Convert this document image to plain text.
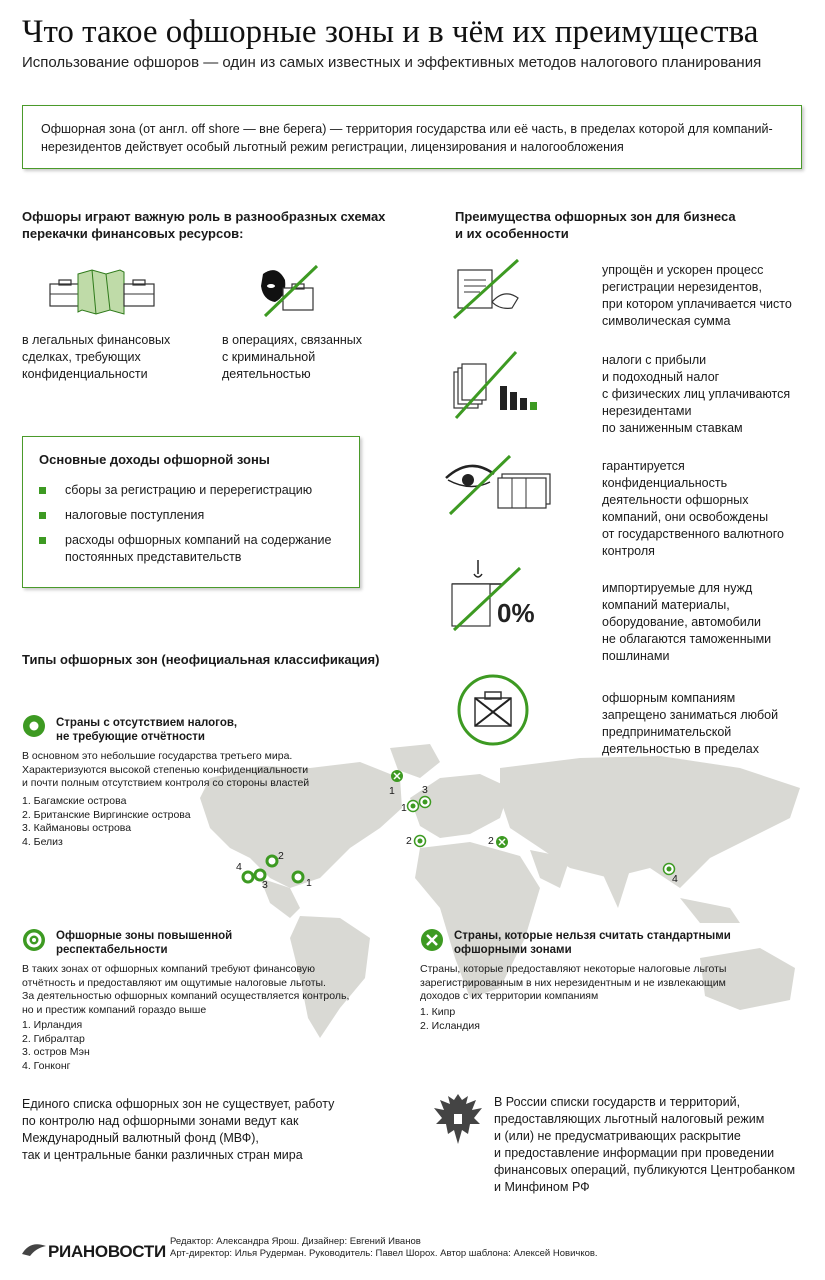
Что такое офшорные зоны и в чём их преимущества
Использование офшоров — один из самых известных и эффективных методов налогового планирования
Офшорная зона (от англ. off shore — вне берега) — территория государства или её часть, в пределах которой для компаний-
нерезидентов действует особый льготный режим регистрации, лицензирования и налогообложения
Офшоры играют важную роль в разнообразных схемах
перекачки финансовых ресурсов:
в легальных финансовых
сделках, требующих
конфиденциальности
в операциях, связанных
с криминальной
деятельностью
Основные доходы офшорной зоны
сборы за регистрацию и перерегистрацию
налоговые поступления
расходы офшорных компаний на содержание
постоянных представительств
Преимущества офшорных зон для бизнеса
и их особенности
упрощён и ускорен процесс
регистрации нерезидентов,
при котором уплачивается чисто
символическая сумма
налоги с прибыли
и подоходный налог
с физических лиц уплачиваются
нерезидентами
по заниженным ставкам
гарантируется
конфиденциальность
деятельности офшорных
компаний, они освобождены
от государственного валютного
контроля
0%
импортируемые для нужд
компаний материалы,
оборудование, автомобили
не облагаются таможенными
пошлинами
офшорным компаниям
запрещено заниматься любой
предпринимательской
деятельностью в пределах
Типы офшорных зон (неофициальная классификация)
1
2
3
4
1
2
3
4
1
2
Страны с отсутствием налогов,
не требующие отчётности
В основном это небольшие государства третьего мира.
Характеризуются высокой степенью конфиденциальности
и почти полным отсутствием контроля со стороны властей
1. Багамские острова
2. Британские Виргинские острова
3. Каймановы острова
4. Белиз
Офшорные зоны повышенной
респектабельности
В таких зонах от офшорных компаний требуют финансовую
отчётность и предоставляют им ощутимые налоговые льготы.
За деятельностью офшорных компаний осуществляется контроль,
но и престиж компаний гораздо выше
1. Ирландия
2. Гибралтар
3. остров Мэн
4. Гонконг
Страны, которые нельзя считать стандартными
офшорными зонами
Страны, которые предоставляют некоторые налоговые льготы
зарегистрированным в них нерезидентным и не извлекающим
доходов с их территории компаниям
1. Кипр
2. Исландия
Единого списка офшорных зон не существует, работу
по контролю над офшорными зонами ведут как
Международный валютный фонд (МВФ),
так и центральные банки различных стран мира
В России списки государств и территорий,
предоставляющих льготный налоговый режим
и (или) не предусматривающих раскрытие
и предоставление информации при проведении
финансовых операций, публикуются Центробанком
и Минфином РФ
РИАНОВОСТИ
Редактор: Александра Ярош. Дизайнер: Евгений Иванов
Арт-директор: Илья Рудерман. Руководитель: Павел Шорох. Автор шаблона: Алексей Новичков.
